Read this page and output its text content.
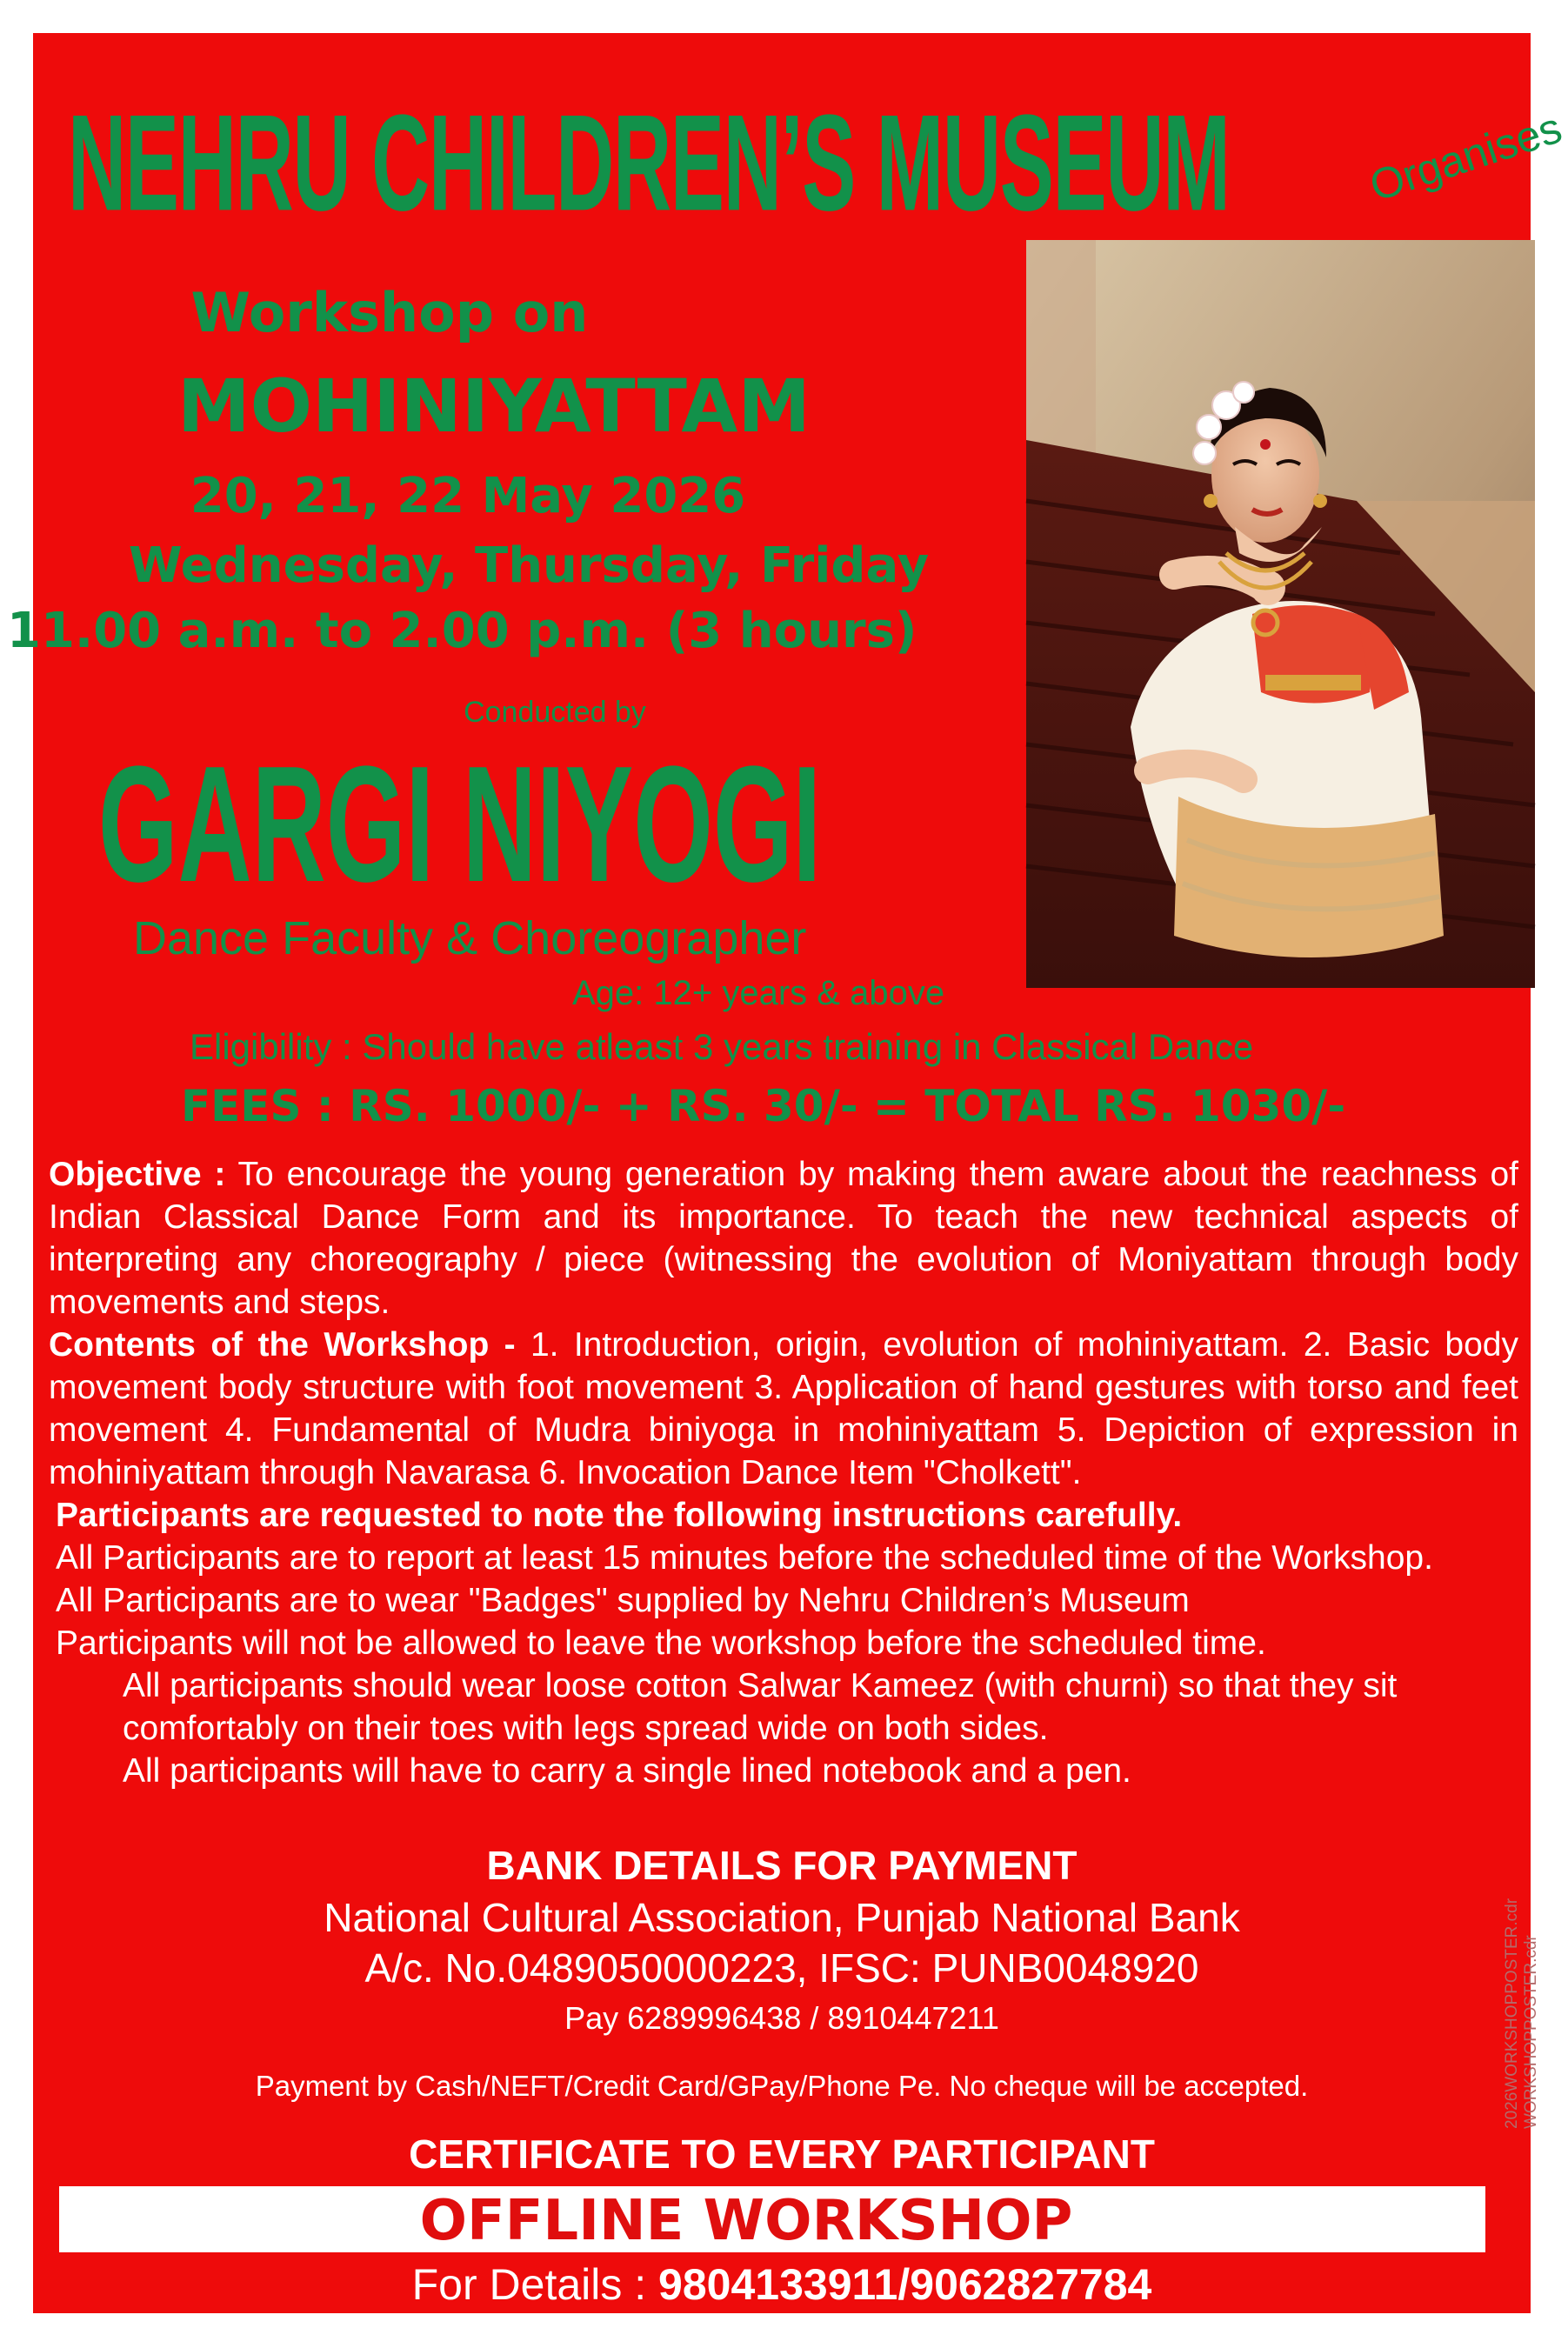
NEHRU CHILDREN’S MUSEUM	Organises
Workshop on
MOHINIYATTAM
20, 21, 22 May 2026
Wednesday, Thursday, Friday
11.00 a.m. to 2.00 p.m. (3 hours)
Conducted by
GARGI NIYOGI
Dance Faculty & Choreographer
Age: 12+ years & above
Eligibility : Should have atleast 3 years training in Classical Dance
FEES : RS. 1000/- + RS. 30/- = TOTAL RS. 1030/-
Objective : To encourage the young generation by making them aware about the reachness of Indian Classical Dance Form and its importance. To teach the new technical aspects of interpreting any choreography / piece (witnessing the evolution of Moniyattam through body movements and steps.
Contents of the Workshop - 1. Introduction, origin, evolution of mohiniyattam. 2. Basic body movement body structure with foot movement 3. Application of hand gestures with torso and feet movement 4. Fundamental of Mudra biniyoga in mohiniyattam 5. Depiction of expression in mohiniyattam through Navarasa 6. Invocation Dance Item "Cholkett".
Participants are requested to note the following instructions carefully.
All Participants are to report at least 15 minutes before the scheduled time of the Workshop.
All Participants are to wear "Badges" supplied by Nehru Children’s Museum
Participants will not be allowed to leave the workshop before the scheduled time.
All participants should wear loose cotton Salwar Kameez (with churni) so that they sit
comfortably on their toes with legs spread wide on both sides.
All participants will have to carry a single lined notebook and a pen.
BANK DETAILS FOR PAYMENT
National Cultural Association, Punjab National Bank
A/c. No.0489050000223, IFSC: PUNB0048920
Pay 6289996438 / 8910447211
Payment by Cash/NEFT/Credit Card/GPay/Phone Pe. No cheque will be accepted.
CERTIFICATE TO EVERY PARTICIPANT
OFFLINE WORKSHOP
For Details : 9804133911/9062827784
2026WORKSHOPPOSTER.cdr WORKSHOPPOSTER.cdr
